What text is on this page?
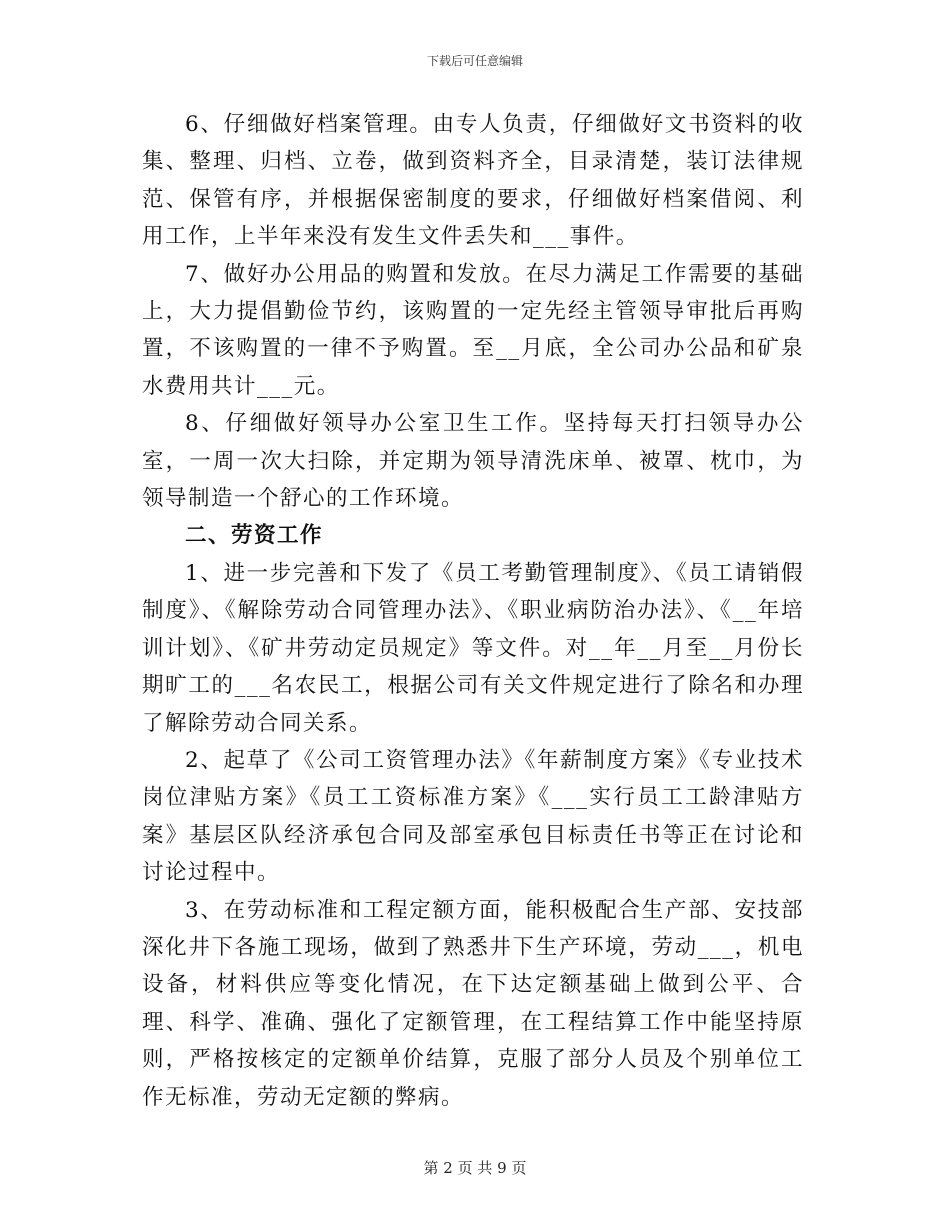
下载后可任意编辑

6、仔细做好档案管理。由专人负责，仔细做好文书资料的收集、整理、归档、立卷，做到资料齐全，目录清楚，装订法律规范、保管有序，并根据保密制度的要求，仔细做好档案借阅、利用工作，上半年来没有发生文件丢失和___事件。

7、做好办公用品的购置和发放。在尽力满足工作需要的基础上，大力提倡勤俭节约，该购置的一定先经主管领导审批后再购置，不该购置的一律不予购置。至__月底，全公司办公品和矿泉水费用共计___元。

8、仔细做好领导办公室卫生工作。坚持每天打扫领导办公室，一周一次大扫除，并定期为领导清洗床单、被罩、枕巾，为领导制造一个舒心的工作环境。

二、劳资工作

1、进一步完善和下发了《员工考勤管理制度》、《员工请销假制度》、《解除劳动合同管理办法》、《职业病防治办法》、《__年培训计划》、《矿井劳动定员规定》等文件。对__年__月至__月份长期旷工的___名农民工，根据公司有关文件规定进行了除名和办理了解除劳动合同关系。

2、起草了《公司工资管理办法》《年薪制度方案》《专业技术岗位津贴方案》《员工工资标准方案》《___实行员工工龄津贴方案》基层区队经济承包合同及部室承包目标责任书等正在讨论和讨论过程中。

3、在劳动标准和工程定额方面，能积极配合生产部、安技部深化井下各施工现场，做到了熟悉井下生产环境，劳动___，机电设备，材料供应等变化情况，在下达定额基础上做到公平、合理、科学、准确、强化了定额管理，在工程结算工作中能坚持原则，严格按核定的定额单价结算，克服了部分人员及个别单位工作无标准，劳动无定额的弊病。

第 2 页 共 9 页
